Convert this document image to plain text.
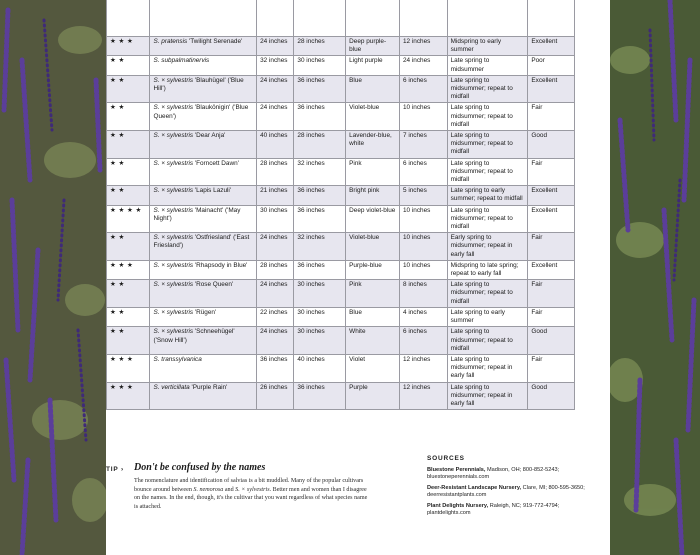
★ ★ ★	S. pratensis 'Twilight Serenade'	24 inches	28 inches	Deep purple-blue	12 inches	Midspring to early summer	Excellent
★ ★	S. subpalmatinervis	32 inches	30 inches	Light purple	24 inches	Late spring to midsummer	Poor
★ ★	S. × sylvestris 'Blauhügel' ('Blue Hill')	24 inches	36 inches	Blue	6 inches	Late spring to midsummer; repeat to midfall	Excellent
★ ★	S. × sylvestris 'Blaukönigin' ('Blue Queen')	24 inches	36 inches	Violet-blue	10 inches	Late spring to midsummer; repeat to midfall	Fair
★ ★	S. × sylvestris 'Dear Anja'	40 inches	28 inches	Lavender-blue, white	7 inches	Late spring to midsummer; repeat to midfall	Good
★ ★	S. × sylvestris 'Forncett Dawn'	28 inches	32 inches	Pink	6 inches	Late spring to midsummer; repeat to midfall	Fair
★ ★	S. × sylvestris 'Lapis Lazuli'	21 inches	36 inches	Bright pink	5 inches	Late spring to early summer; repeat to midfall	Excellent
★ ★ ★ ★	S. × sylvestris 'Mainacht' ('May Night')	30 inches	36 inches	Deep violet-blue	10 inches	Late spring to midsummer; repeat to midfall	Excellent
★ ★	S. × sylvestris 'Ostfriesland' ('East Friesland')	24 inches	32 inches	Violet-blue	10 inches	Early spring to midsummer; repeat in early fall	Fair
★ ★ ★	S. × sylvestris 'Rhapsody in Blue'	28 inches	36 inches	Purple-blue	10 inches	Midspring to late spring; repeat to early fall	Excellent
★ ★	S. × sylvestris 'Rose Queen'	24 inches	30 inches	Pink	8 inches	Late spring to midsummer; repeat to midfall	Fair
★ ★	S. × sylvestris 'Rügen'	22 inches	30 inches	Blue	4 inches	Late spring to early summer	Fair
★ ★	S. × sylvestris 'Schneehügel' ('Snow Hill')	24 inches	30 inches	White	6 inches	Late spring to midsummer; repeat to midfall	Good
★ ★ ★	S. transsylvanica	36 inches	40 inches	Violet	12 inches	Late spring to midsummer; repeat in early fall	Fair
★ ★ ★	S. verticillata 'Purple Rain'	26 inches	36 inches	Purple	12 inches	Late spring to midsummer; repeat in early fall	Good
TIP › Don't be confused by the names
The nomenclature and identification of salvias is a bit muddled. Many of the popular cultivars bounce around between S. nemorosa and S. × sylvestris. Better men and women than I disagree on the names. In the end, though, it's the cultivar that you want regardless of what species name is attached.
SOURCES
Bluestone Perennials, Madison, OH; 800-852-5243; bluestoneperennials.com
Deer-Resistant Landscape Nursery, Clare, MI; 800-595-3650; deerresistantplants.com
Plant Delights Nursery, Raleigh, NC; 919-772-4794; plantdelights.com
